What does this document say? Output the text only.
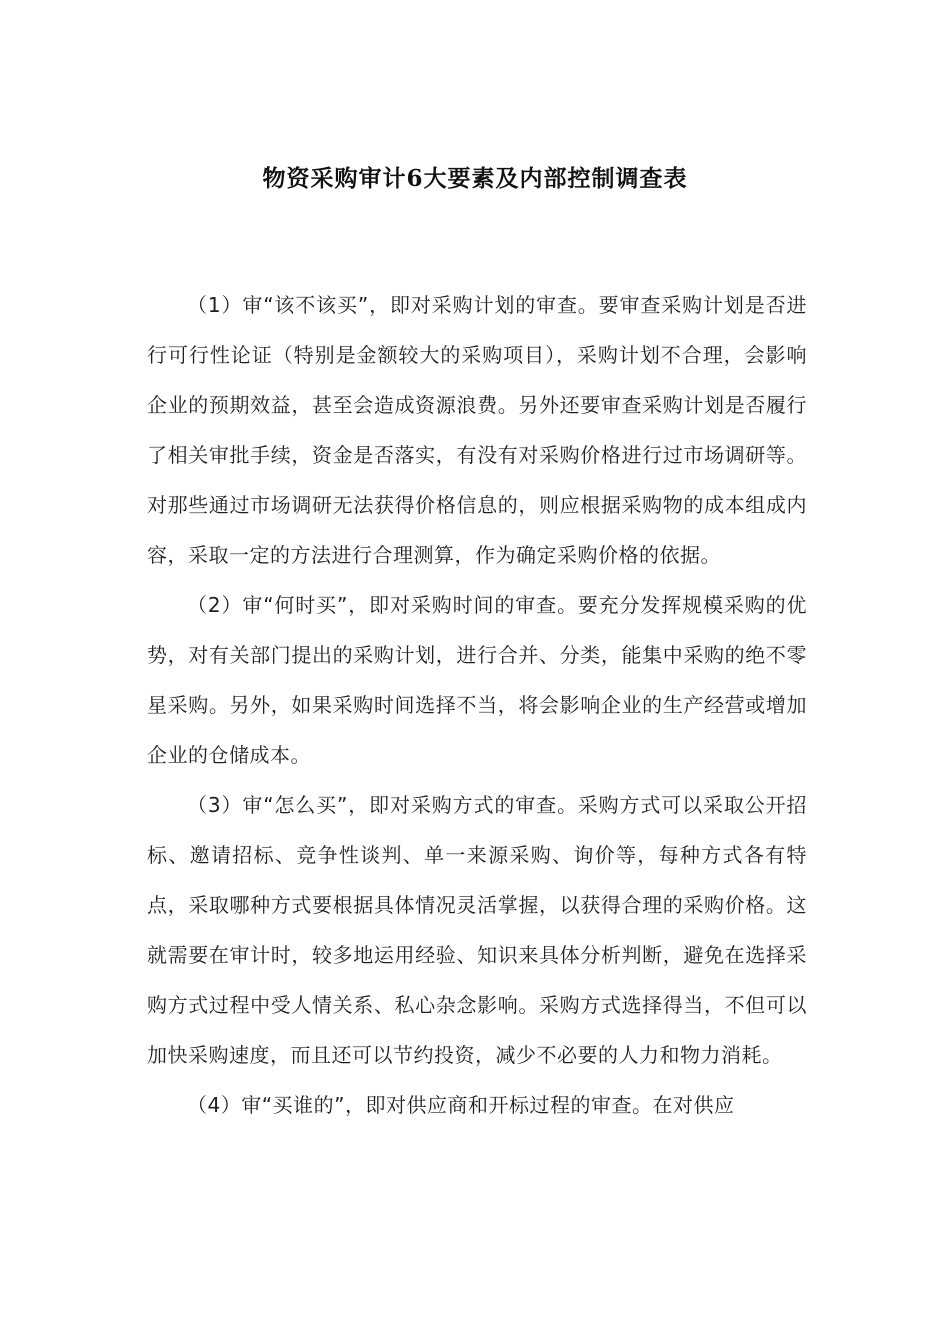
物资采购审计6大要素及内部控制调查表

（1）审“该不该买”，即对采购计划的审查。要审查采购计划是否进行可行性论证（特别是金额较大的采购项目），采购计划不合理，会影响企业的预期效益，甚至会造成资源浪费。另外还要审查采购计划是否履行了相关审批手续，资金是否落实，有没有对采购价格进行过市场调研等。对那些通过市场调研无法获得价格信息的，则应根据采购物的成本组成内容，采取一定的方法进行合理测算，作为确定采购价格的依据。

（2）审“何时买”，即对采购时间的审查。要充分发挥规模采购的优势，对有关部门提出的采购计划，进行合并、分类，能集中采购的绝不零星采购。另外，如果采购时间选择不当，将会影响企业的生产经营或增加企业的仓储成本。

（3）审“怎么买”，即对采购方式的审查。采购方式可以采取公开招标、邀请招标、竞争性谈判、单一来源采购、询价等，每种方式各有特点，采取哪种方式要根据具体情况灵活掌握，以获得合理的采购价格。这就需要在审计时，较多地运用经验、知识来具体分析判断，避免在选择采购方式过程中受人情关系、私心杂念影响。采购方式选择得当，不但可以加快采购速度，而且还可以节约投资，减少不必要的人力和物力消耗。

（4）审“买谁的”，即对供应商和开标过程的审查。在对供应
